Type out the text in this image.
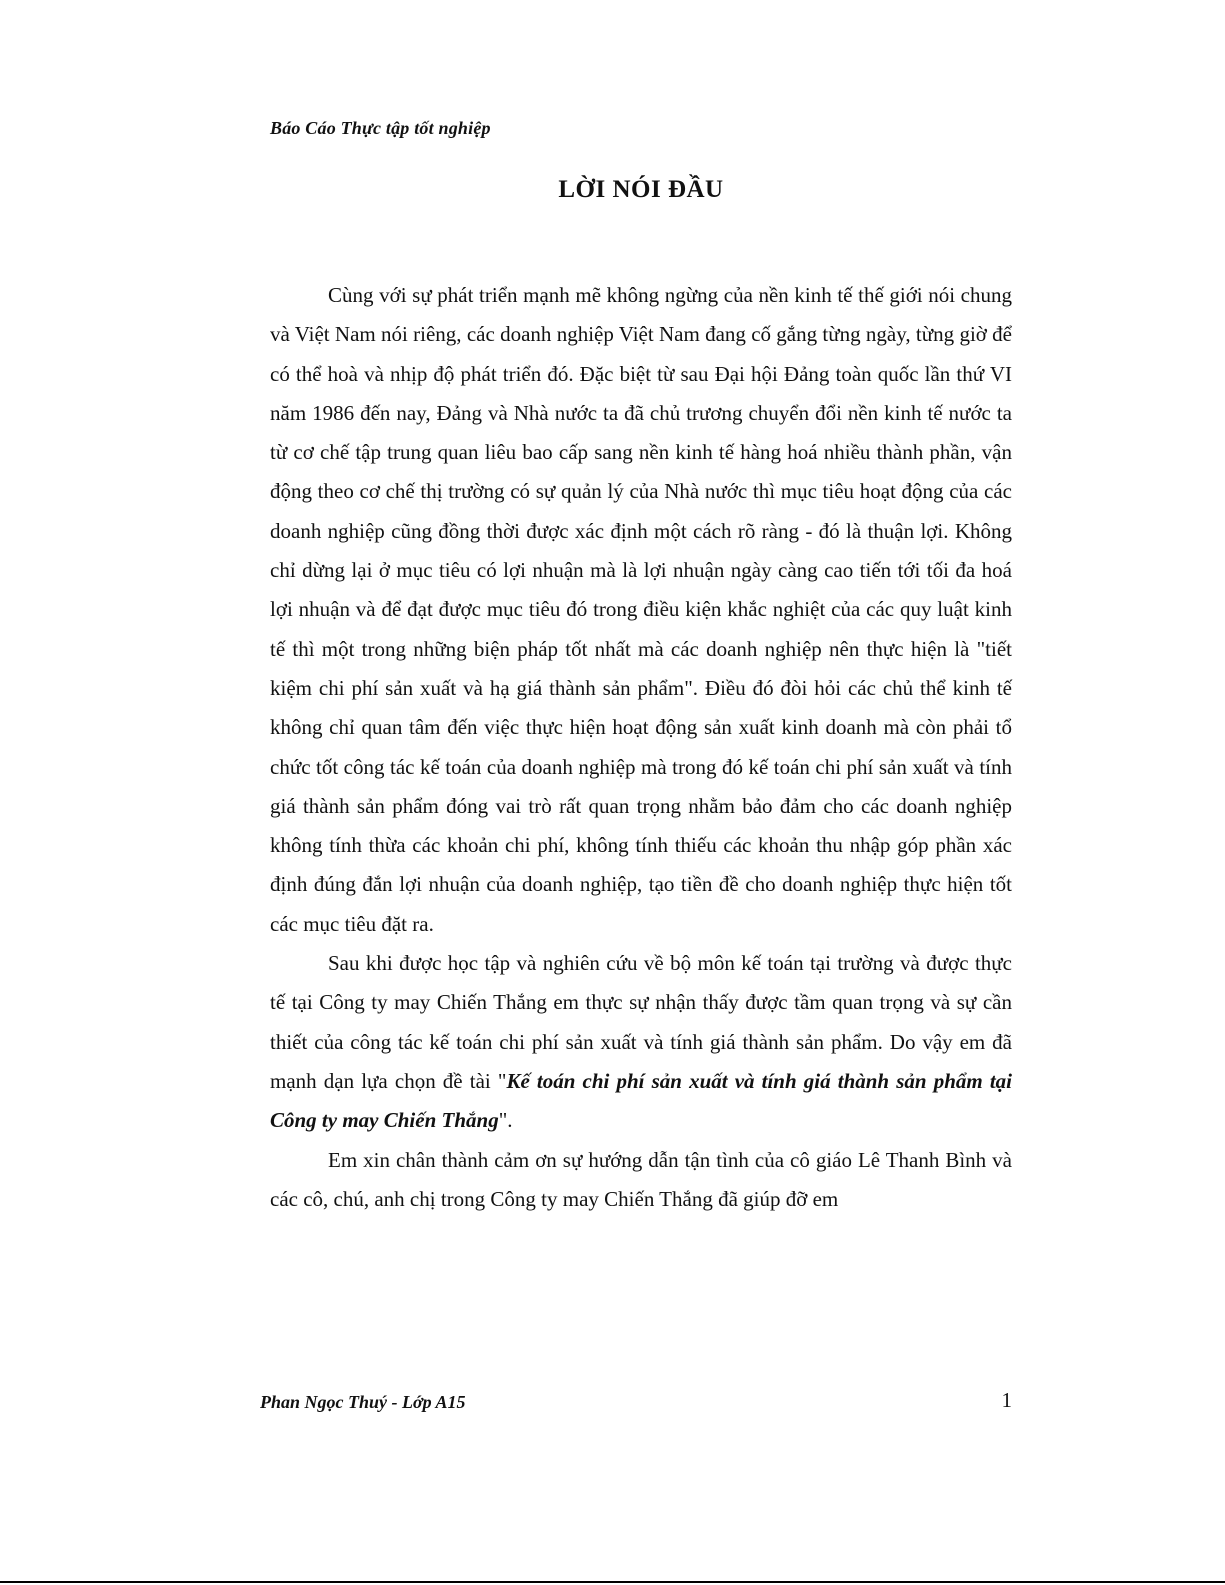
Báo Cáo Thực tập tốt nghiệp
LỜI NÓI ĐẦU

Cùng với sự phát triển mạnh mẽ không ngừng của nền kinh tế thế giới nói chung và Việt Nam nói riêng, các doanh nghiệp Việt Nam đang cố gắng từng ngày, từng giờ để có thể hoà và nhịp độ phát triển đó. Đặc biệt từ sau Đại hội Đảng toàn quốc lần thứ VI năm 1986 đến nay, Đảng và Nhà nước ta đã chủ trương chuyển đổi nền kinh tế nước ta từ cơ chế tập trung quan liêu bao cấp sang nền kinh tế hàng hoá nhiều thành phần, vận động theo cơ chế thị trường có sự quản lý của Nhà nước thì mục tiêu hoạt động của các doanh nghiệp cũng đồng thời được xác định một cách rõ ràng - đó là thuận lợi. Không chỉ dừng lại ở mục tiêu có lợi nhuận mà là lợi nhuận ngày càng cao tiến tới tối đa hoá lợi nhuận và để đạt được mục tiêu đó trong điều kiện khắc nghiệt của các quy luật kinh tế thì một trong những biện pháp tốt nhất mà các doanh nghiệp nên thực hiện là "tiết kiệm chi phí sản xuất và hạ giá thành sản phẩm". Điều đó đòi hỏi các chủ thể kinh tế không chỉ quan tâm đến việc thực hiện hoạt động sản xuất kinh doanh mà còn phải tổ chức tốt công tác kế toán của doanh nghiệp mà trong đó kế toán chi phí sản xuất và tính giá thành sản phẩm đóng vai trò rất quan trọng nhằm bảo đảm cho các doanh nghiệp không tính thừa các khoản chi phí, không tính thiếu các khoản thu nhập góp phần xác định đúng đắn lợi nhuận của doanh nghiệp, tạo tiền đề cho doanh nghiệp thực hiện tốt các mục tiêu đặt ra.

Sau khi được học tập và nghiên cứu về bộ môn kế toán tại trường và được thực tế tại Công ty may Chiến Thắng em thực sự nhận thấy được tầm quan trọng và sự cần thiết của công tác kế toán chi phí sản xuất và tính giá thành sản phẩm. Do vậy em đã mạnh dạn lựa chọn đề tài "Kế toán chi phí sản xuất và tính giá thành sản phẩm tại Công ty may Chiến Thắng".

Em xin chân thành cảm ơn sự hướng dẫn tận tình của cô giáo Lê Thanh Bình và các cô, chú, anh chị trong Công ty may Chiến Thắng đã giúp đỡ em

Phan Ngọc Thuý - Lớp A15	1
